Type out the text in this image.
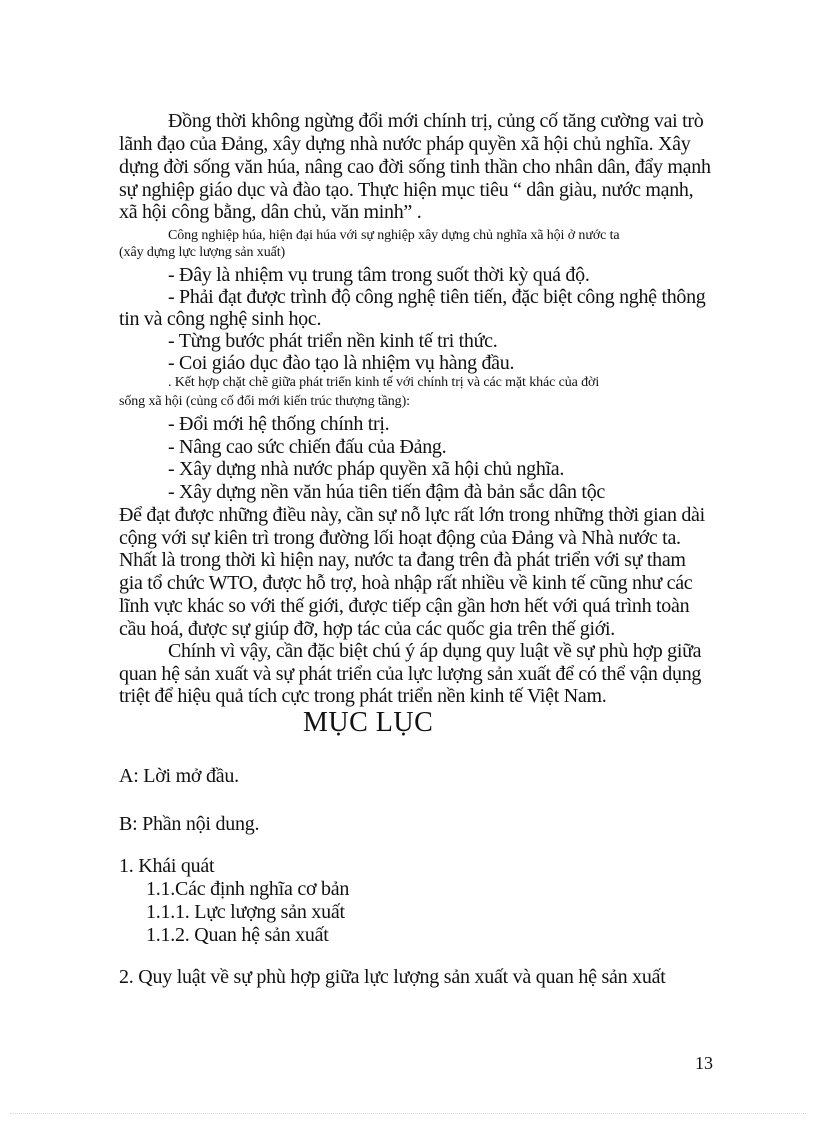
Đồng thời không ngừng đổi mới chính trị, củng cố tăng cường vai trò
lãnh đạo của Đảng, xây dựng nhà nước pháp quyền xã hội chủ nghĩa. Xây
dựng đời sống văn húa, nâng cao đời sống tinh thần cho nhân dân, đẩy mạnh
sự nghiệp giáo dục và đào tạo. Thực hiện mục tiêu “ dân giàu, nước mạnh,
xã hội công bằng, dân chủ, văn minh” .
Công nghiệp húa, hiện đại húa với sự nghiệp xây dựng chủ nghĩa xã hội ở nước ta
(xây dựng lực lượng sản xuất)
- Đây là nhiệm vụ trung tâm trong suốt thời kỳ quá độ.
- Phải đạt được trình độ công nghệ tiên tiến, đặc biệt công nghệ thông
tin và công nghệ sinh học.
- Từng bước phát triển nền kinh tế tri thức.
- Coi giáo dục đào tạo là nhiệm vụ hàng đầu.
. Kết hợp chặt chẽ giữa phát triển kinh tế với chính trị và các mặt khác của đời
sống xã hội (củng cố đổi mới kiến trúc thượng tầng):
- Đổi mới hệ thống chính trị.
- Nâng cao sức chiến đấu của Đảng.
- Xây dựng nhà nước pháp quyền xã hội chủ nghĩa.
- Xây dựng nền văn húa tiên tiến đậm đà bản sắc dân tộc
Để đạt được những điều này, cần sự nỗ lực rất lớn trong những thời gian dài
cộng với sự kiên trì trong đường lối hoạt động của Đảng và Nhà nước ta.
Nhất là trong thời kì hiện nay, nước ta đang trên đà phát triển với sự tham
gia tổ chức WTO, được hỗ trợ, hoà nhập rất nhiều về kinh tế cũng như các
lĩnh vực khác so với thế giới, được tiếp cận gần hơn hết với quá trình toàn
cầu hoá, được sự giúp đỡ, hợp tác của các quốc gia trên thế giới.
Chính vì vậy, cần đặc biệt chú ý áp dụng quy luật về sự phù hợp giữa
quan hệ sản xuất và sự phát triển của lực lượng sản xuất để có thể vận dụng
triệt để hiệu quả tích cực trong phát triển nền kinh tế Việt Nam.
MỤC LỤC
A: Lời mở đầu.
B: Phần nội dung.
1. Khái quát
1.1.Các định nghĩa cơ bản
1.1.1. Lực lượng sản xuất
1.1.2. Quan hệ sản xuất
2. Quy luật về sự phù hợp giữa lực lượng sản xuất và quan hệ sản xuất
13
